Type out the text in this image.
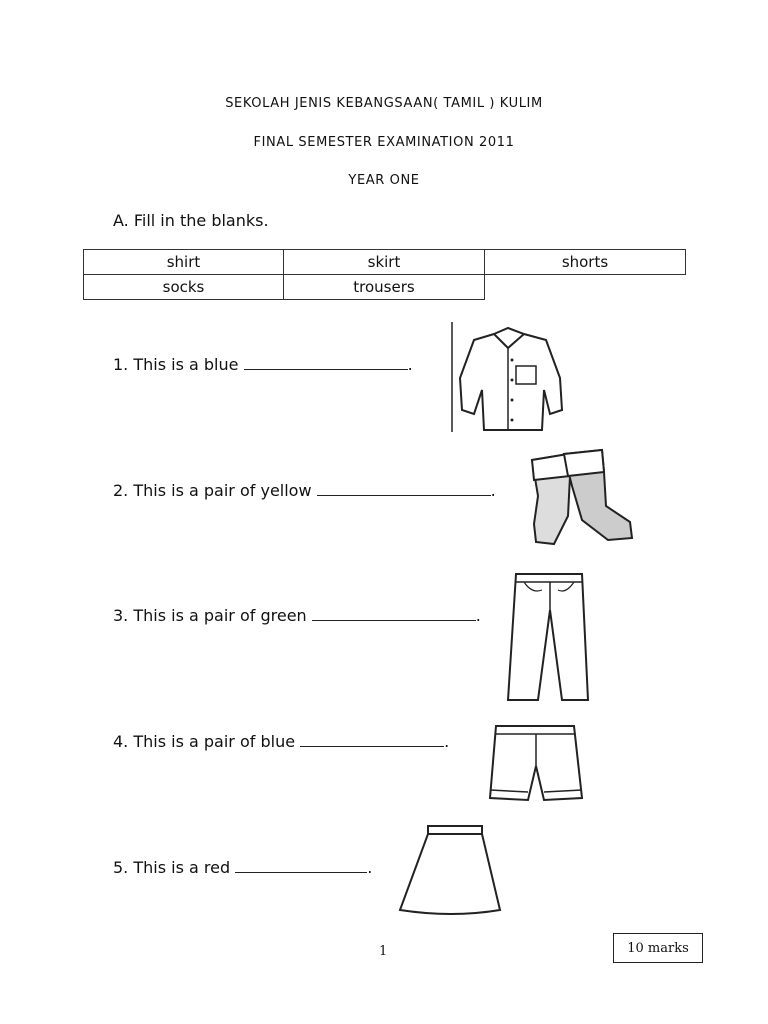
SEKOLAH JENIS KEBANGSAAN( TAMIL ) KULIM
FINAL SEMESTER EXAMINATION 2011
YEAR ONE
A. Fill in the blanks.
shirt	skirt	shorts
socks	trousers	
1. This is a blue	.
2. This is a pair of yellow	.
3. This is a pair of green	.
4. This is a pair of blue	.
5. This is a red	.
1	10 marks
